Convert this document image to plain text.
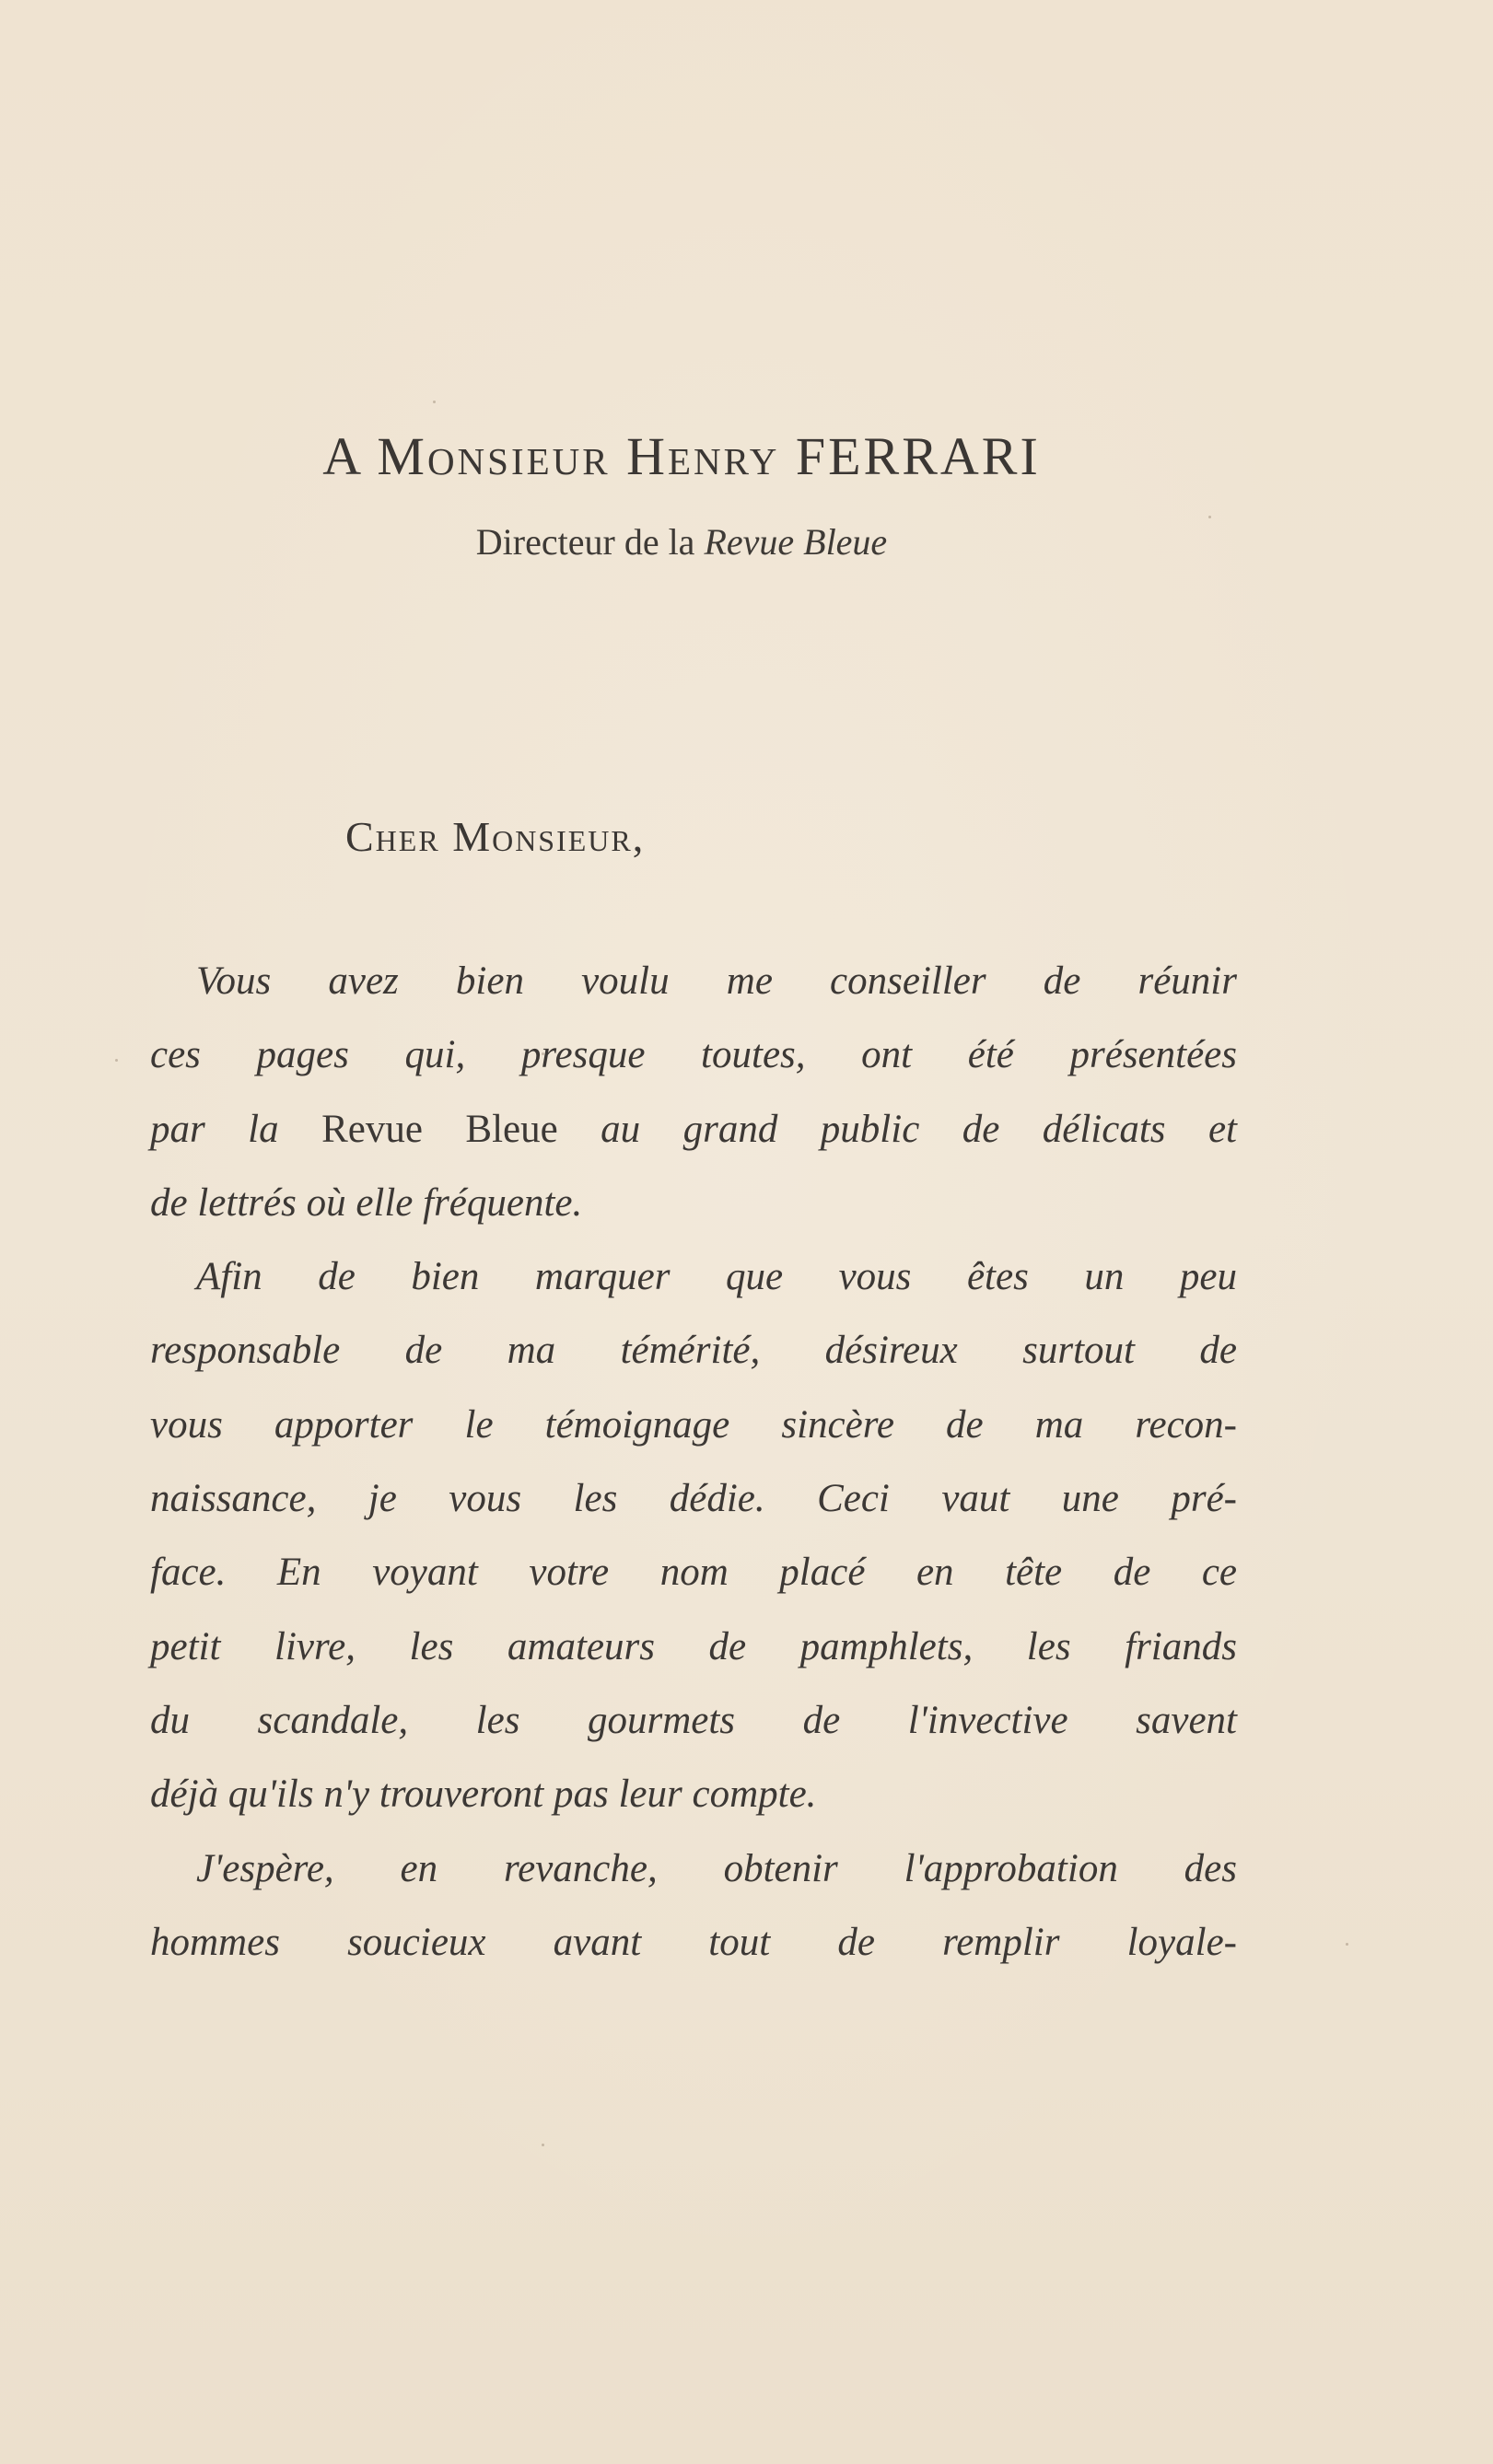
A Monsieur Henry FERRARI
Directeur de la Revue Bleue
Cher Monsieur,
Vous avez bien voulu me conseiller de réunir
ces pages qui, presque toutes, ont été présentées
par la Revue Bleue au grand public de délicats et
de lettrés où elle fréquente.
Afin de bien marquer que vous êtes un peu
responsable de ma témérité, désireux surtout de
vous apporter le témoignage sincère de ma recon-
naissance, je vous les dédie. Ceci vaut une pré-
face. En voyant votre nom placé en tête de ce
petit livre, les amateurs de pamphlets, les friands
du scandale, les gourmets de l'invective savent
déjà qu'ils n'y trouveront pas leur compte.
J'espère, en revanche, obtenir l'approbation des
hommes soucieux avant tout de remplir loyale-
